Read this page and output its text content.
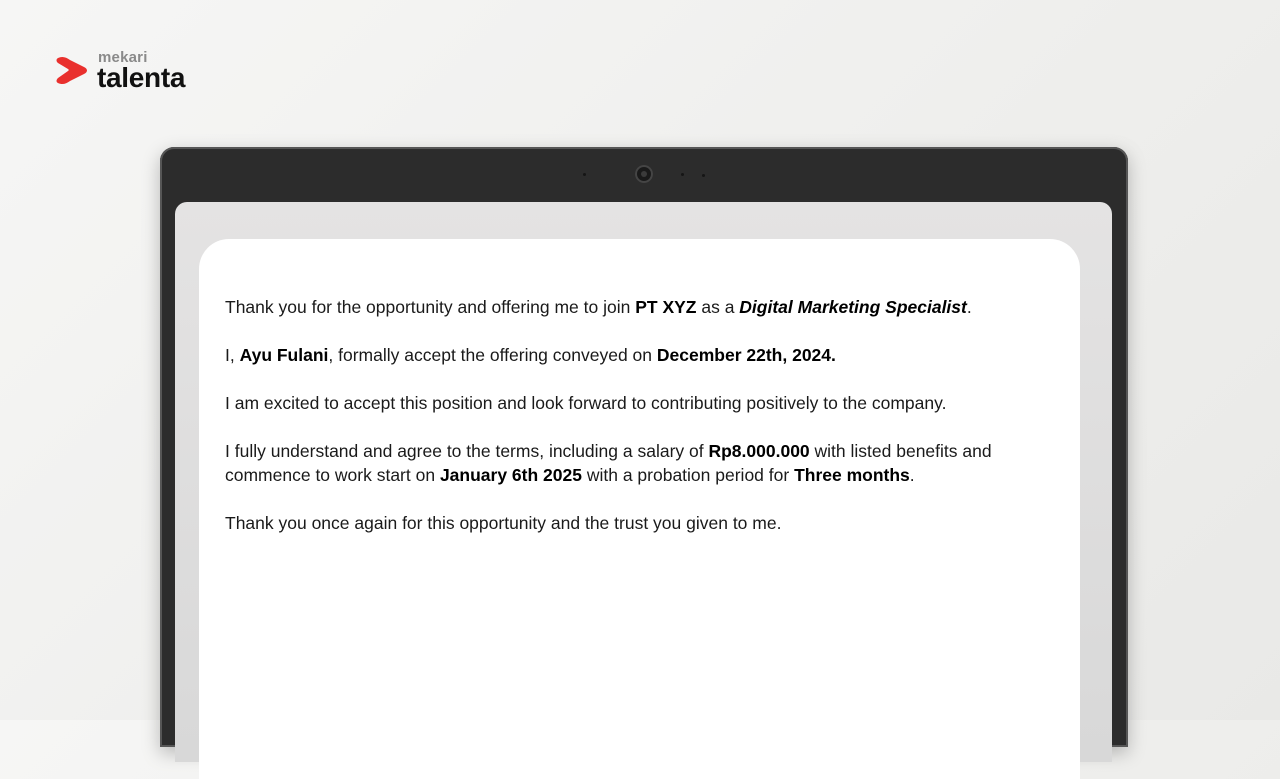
mekari
talenta

Thank you for the opportunity and offering me to join PT XYZ as a Digital Marketing Specialist.

I, Ayu Fulani, formally accept the offering conveyed on December 22th, 2024.

I am excited to accept this position and look forward to contributing positively to the company.

I fully understand and agree to the terms, including a salary of Rp8.000.000 with listed benefits and commence to work start on January 6th 2025 with a probation period for Three months.

Thank you once again for this opportunity and the trust you given to me.
